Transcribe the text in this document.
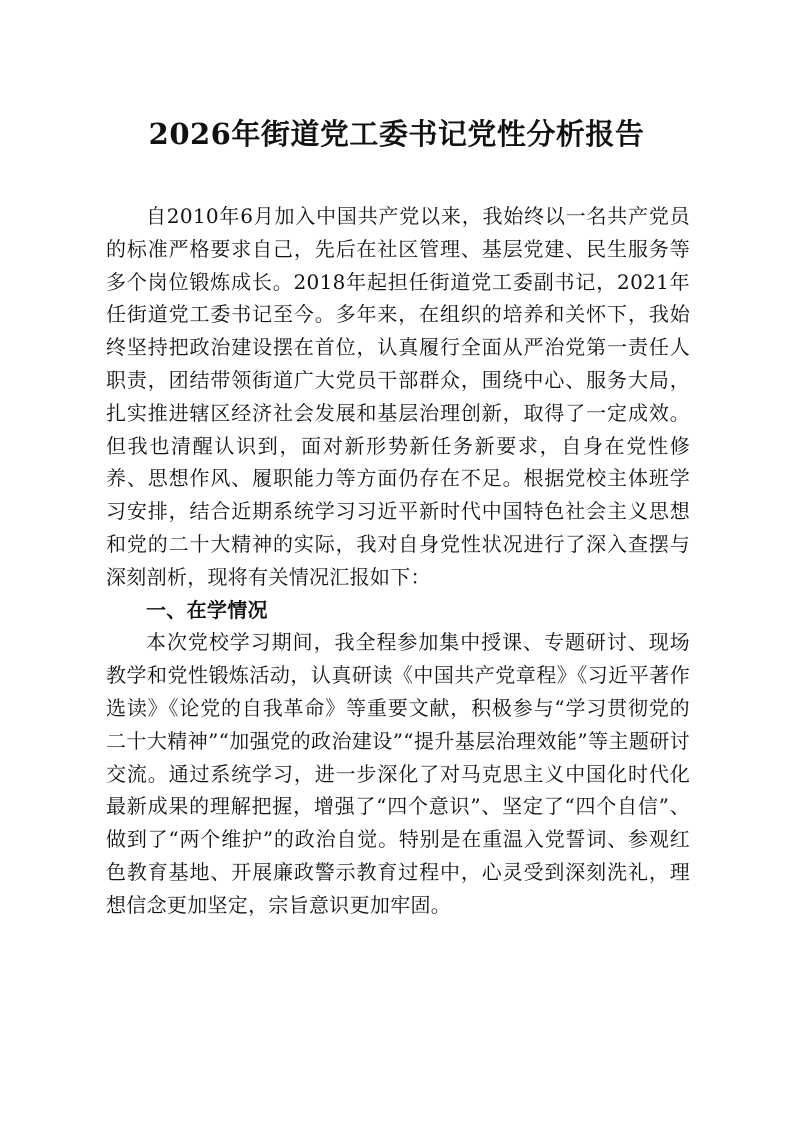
2026年街道党工委书记党性分析报告

自2010年6月加入中国共产党以来，我始终以一名共产党员的标准严格要求自己，先后在社区管理、基层党建、民生服务等多个岗位锻炼成长。2018年起担任街道党工委副书记，2021年任街道党工委书记至今。多年来，在组织的培养和关怀下，我始终坚持把政治建设摆在首位，认真履行全面从严治党第一责任人职责，团结带领街道广大党员干部群众，围绕中心、服务大局，扎实推进辖区经济社会发展和基层治理创新，取得了一定成效。但我也清醒认识到，面对新形势新任务新要求，自身在党性修养、思想作风、履职能力等方面仍存在不足。根据党校主体班学习安排，结合近期系统学习习近平新时代中国特色社会主义思想和党的二十大精神的实际，我对自身党性状况进行了深入查摆与深刻剖析，现将有关情况汇报如下：

一、在学情况

本次党校学习期间，我全程参加集中授课、专题研讨、现场教学和党性锻炼活动，认真研读《中国共产党章程》《习近平著作选读》《论党的自我革命》等重要文献，积极参与“学习贯彻党的二十大精神”“加强党的政治建设”“提升基层治理效能”等主题研讨交流。通过系统学习，进一步深化了对马克思主义中国化时代化最新成果的理解把握，增强了“四个意识”、坚定了“四个自信”、做到了“两个维护”的政治自觉。特别是在重温入党誓词、参观红色教育基地、开展廉政警示教育过程中，心灵受到深刻洗礼，理想信念更加坚定，宗旨意识更加牢固。
